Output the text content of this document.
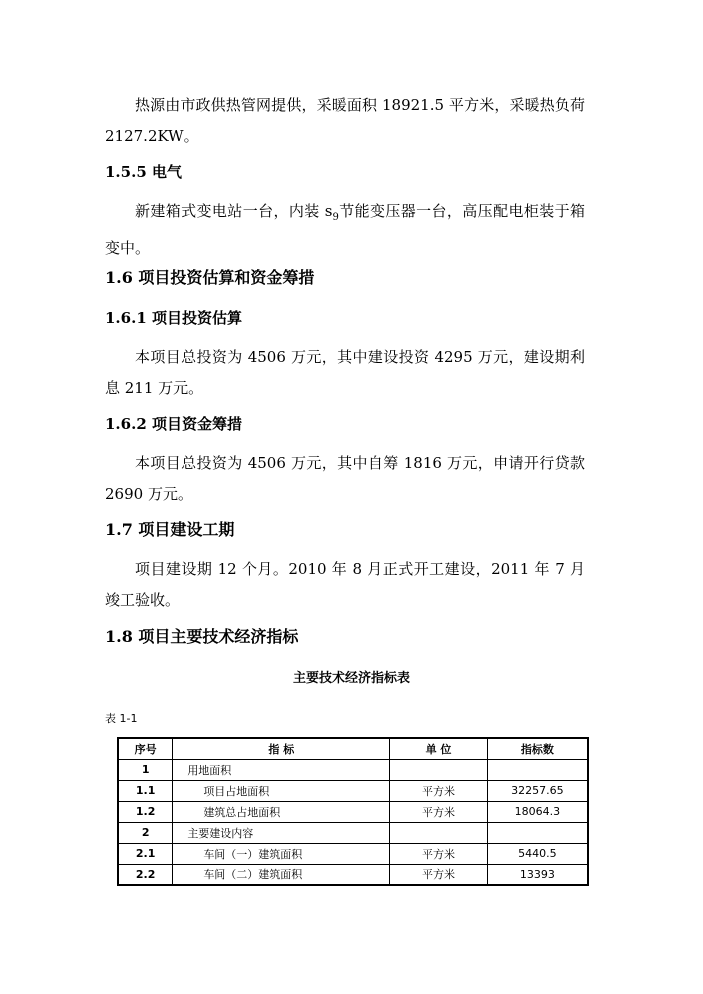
热源由市政供热管网提供，采暖面积 18921.5 平方米，采暖热负荷 2127.2KW。

1.5.5 电气

新建箱式变电站一台，内装 $s_9$节能变压器一台，高压配电柜装于箱变中。

1.6 项目投资估算和资金筹措
1.6.1 项目投资估算

本项目总投资为 4506 万元，其中建设投资 4295 万元，建设期利息 211 万元。

1.6.2 项目资金筹措

本项目总投资为 4506 万元，其中自筹 1816 万元，申请开行贷款 2690 万元。

1.7 项目建设工期

项目建设期 12 个月。2010 年 8 月正式开工建设，2011 年 7 月竣工验收。

1.8 项目主要技术经济指标
主要技术经济指标表
表 1-1
序号	指 标	单 位	指标数
1	用地面积		
1.1	项目占地面积	平方米	32257.65
1.2	建筑总占地面积	平方米	18064.3
2	主要建设内容		
2.1	车间（一）建筑面积	平方米	5440.5
2.2	车间（二）建筑面积	平方米	13393
